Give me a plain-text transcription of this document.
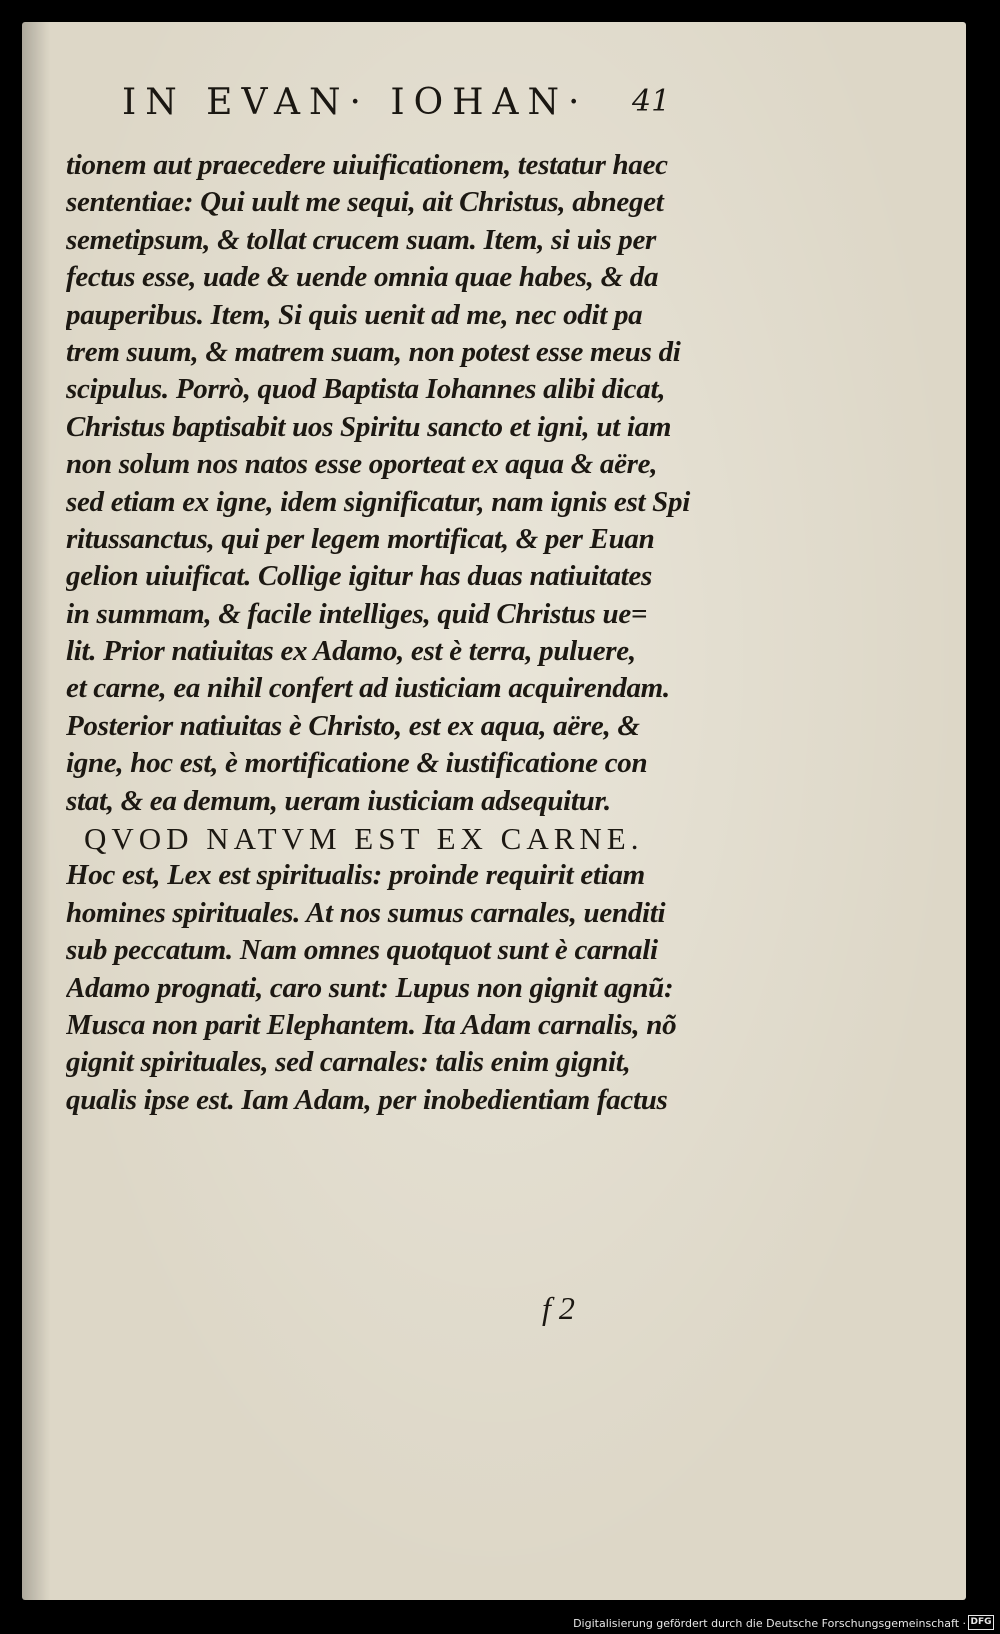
IN EVAN· IOHAN·	41
tionem aut praecedere uiuificationem, testatur haec
sententiae: Qui uult me sequi, ait Christus, abneget
semetipsum, & tollat crucem suam. Item, si uis per
fectus esse, uade & uende omnia quae habes, & da
pauperibus. Item, Si quis uenit ad me, nec odit pa
trem suum, & matrem suam, non potest esse meus di
scipulus. Porrò, quod Baptista Iohannes alibi dicat,
Christus baptisabit uos Spiritu sancto et igni, ut iam
non solum nos natos esse oporteat ex aqua & aëre,
sed etiam ex igne, idem significatur, nam ignis est Spi
ritussanctus, qui per legem mortificat, & per Euan
gelion uiuificat. Collige igitur has duas natiuitates
in summam, & facile intelliges, quid Christus ue=
lit. Prior natiuitas ex Adamo, est è terra, puluere,
et carne, ea nihil confert ad iusticiam acquirendam.
Posterior natiuitas è Christo, est ex aqua, aëre, &
igne, hoc est, è mortificatione & iustificatione con
stat, & ea demum, ueram iusticiam adsequitur.
QVOD NATVM EST EX CARNE.
Hoc est, Lex est spiritualis: proinde requirit etiam
homines spirituales. At nos sumus carnales, uenditi
sub peccatum. Nam omnes quotquot sunt è carnali
Adamo prognati, caro sunt: Lupus non gignit agnũ:
Musca non parit Elephantem. Ita Adam carnalis, nõ
gignit spirituales, sed carnales: talis enim gignit,
qualis ipse est. Iam Adam, per inobedientiam factus
f 2
Digitalisierung gefördert durch die Deutsche Forschungsgemeinschaft · DFG
